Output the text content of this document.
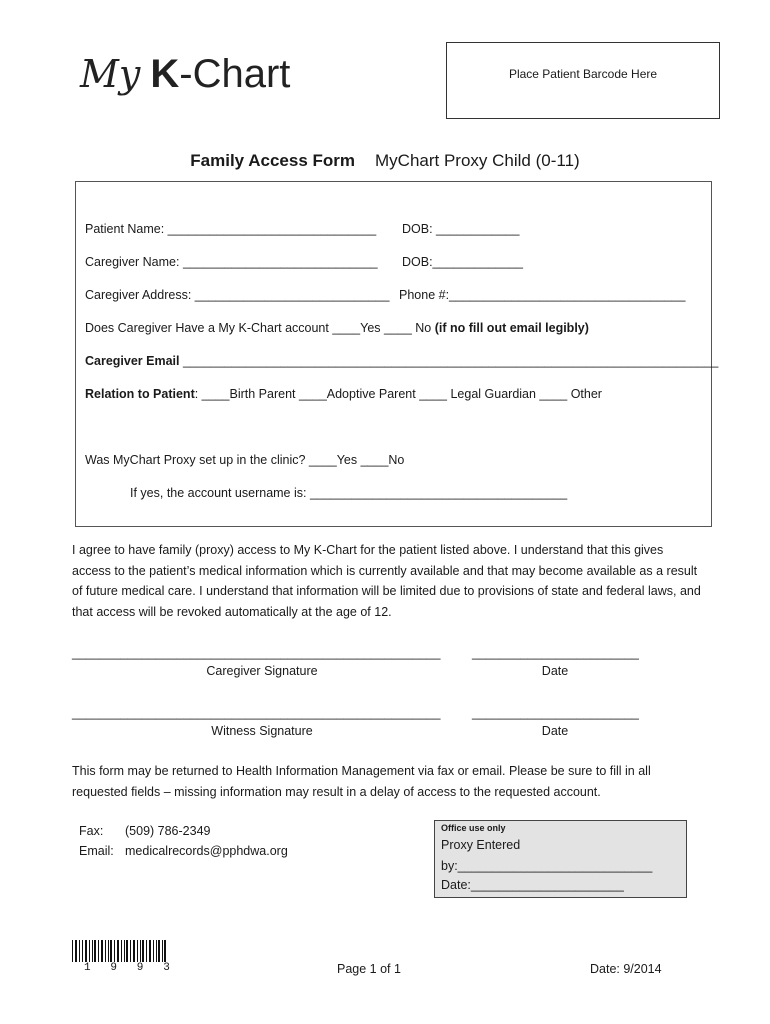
My K -Chart	Place Patient Barcode Here
Family Access Form MyChart Proxy Child (0-11)
Patient Name: ______________________________ DOB: ____________
Caregiver Name: ____________________________ DOB:_____________
Caregiver Address: ____________________________ Phone #:__________________________________
Does Caregiver Have a My K-Chart account ____Yes ____ No (if no fill out email legibly)
Caregiver Email _____________________________________________________________________________
Relation to Patient: ____Birth Parent ____Adoptive Parent ____ Legal Guardian ____ Other
Was MyChart Proxy set up in the clinic? ____Yes ____No
If yes, the account username is: _____________________________________
I agree to have family (proxy) access to My K-Chart for the patient listed above. I understand that this gives access to the patient’s medical information which is currently available and that may become available as a result of future medical care. I understand that information will be limited due to provisions of state and federal laws, and that access will be revoked automatically at the age of 12.
_____________________________________________________	________________________
Caregiver Signature	Date
_____________________________________________________	________________________
Witness Signature	Date
This form may be returned to Health Information Management via fax or email. Please be sure to fill in all requested fields – missing information may result in a delay of access to the requested account.
Fax: (509) 786-2349
Email: medicalrecords@pphdwa.org
Office use only
Proxy Entered
by:____________________________
Date:______________________
1   9   9   3	Page 1 of 1	Date: 9/2014
